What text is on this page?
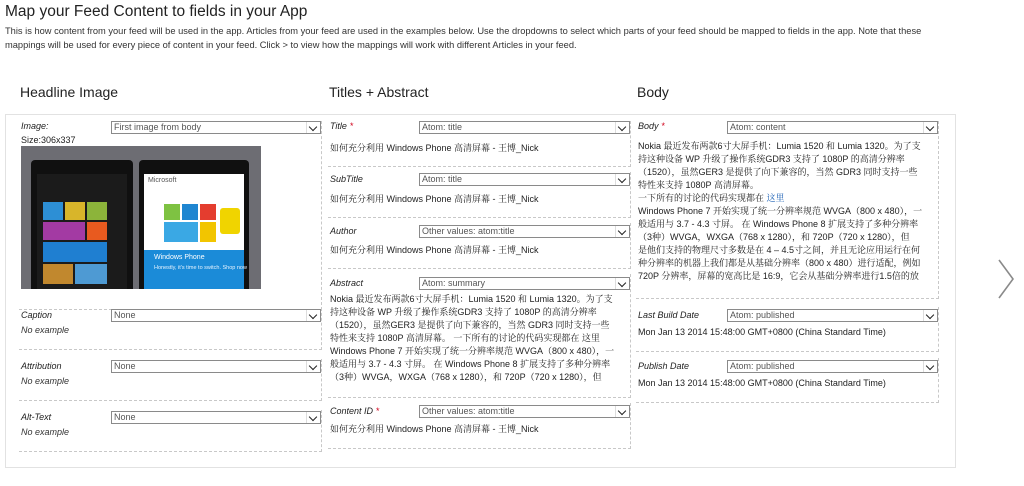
Map your Feed Content to fields in your App
This is how content from your feed will be used in the app. Articles from your feed are used in the examples below. Use the dropdowns to select which parts of your feed should be mapped to fields in the app. Note that these mappings will be used for every piece of content in your feed. Click > to view how the mappings will work with different Articles in your feed.
Headline Image	Titles + Abstract	Body
Image:	First image from body
Size:306x337
Microsoft
Windows Phone
Honestly, it's time to switch. Shop now
Caption	None
No example
Attribution	None
No example
Alt-Text	None
No example
Title *	Atom: title
如何充分利用 Windows Phone 高清屏幕 - 王博_Nick
SubTitle	Atom: title
如何充分利用 Windows Phone 高清屏幕 - 王博_Nick
Author	Other values: atom:title
如何充分利用 Windows Phone 高清屏幕 - 王博_Nick
Abstract	Atom: summary
Nokia 最近发布两款6寸大屏手机：Lumia 1520 和 Lumia 1320。为了支
持这种设备 WP 升级了操作系统GDR3 支持了 1080P 的高清分辨率
（1520），虽然GER3 是提供了向下兼容的，当然 GDR3 同时支持一些
特性来支持 1080P 高清屏幕。 一下所有的讨论的代码实现都在 这里
Windows Phone 7 开始实现了统一分辨率规范 WVGA（800 x 480），一
般适用与 3.7 - 4.3 寸屏。 在 Windows Phone 8 扩展支持了多种分辨率
（3种）WVGA，WXGA（768 x 1280），和 720P（720 x 1280），但
Content ID *	Other values: atom:title
如何充分利用 Windows Phone 高清屏幕 - 王博_Nick
Body *	Atom: content
Nokia 最近发布两款6寸大屏手机：Lumia 1520 和 Lumia 1320。为了支
持这种设备 WP 升级了操作系统GDR3 支持了 1080P 的高清分辨率
（1520），虽然GER3 是提供了向下兼容的，当然 GDR3 同时支持一些
特性来支持 1080P 高清屏幕。
一下所有的讨论的代码实现都在 这里
Windows Phone 7 开始实现了统一分辨率规范 WVGA（800 x 480），一
般适用与 3.7 - 4.3 寸屏。 在 Windows Phone 8 扩展支持了多种分辨率
（3种）WVGA，WXGA（768 x 1280），和 720P（720 x 1280），但
是他们支持的物理尺寸多数是在 4 – 4.5寸之间，并且无论应用运行在何
种分辨率的机器上我们都是从基础分辨率（800 x 480）进行适配，例如
720P 分辨率，屏幕的宽高比是 16:9，它会从基础分辨率进行1.5倍的放
Last Build Date	Atom: published
Mon Jan 13 2014 15:48:00 GMT+0800 (China Standard Time)
Publish Date	Atom: published
Mon Jan 13 2014 15:48:00 GMT+0800 (China Standard Time)
